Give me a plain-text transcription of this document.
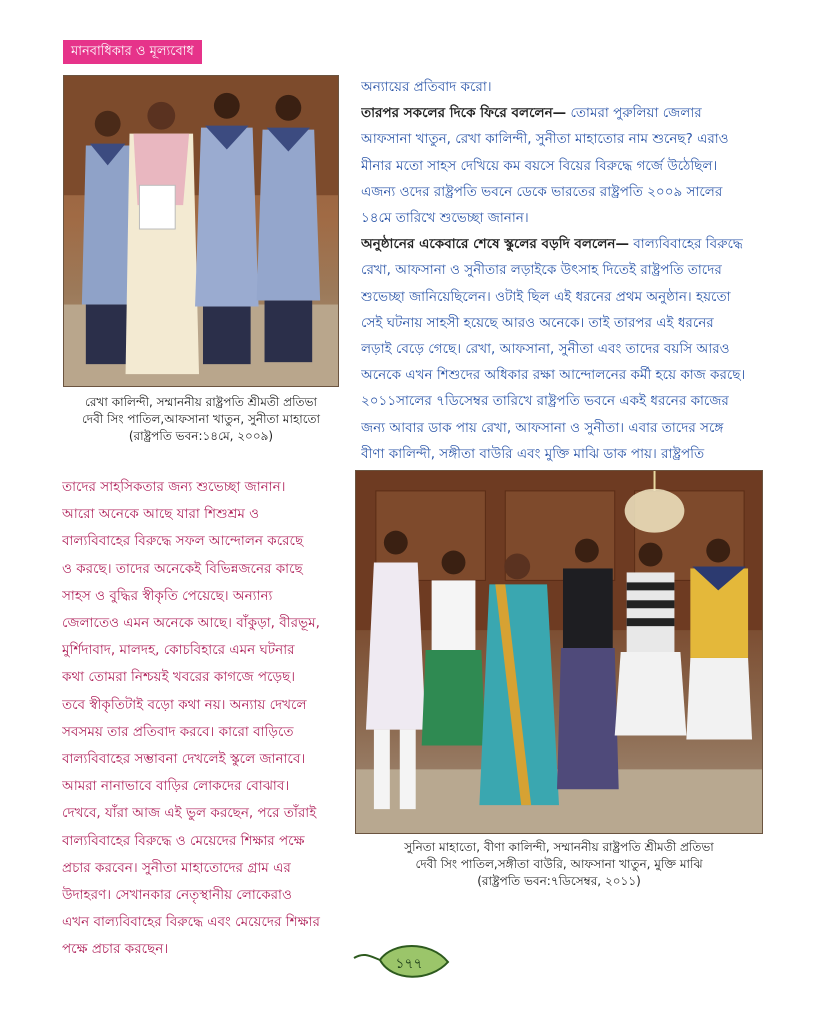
মানবাধিকার ও মূল্যবোধ
রেখা কালিন্দী, সম্মাননীয় রাষ্ট্রপতি শ্রীমতী প্রতিভা
দেবী সিং পাতিল,আফসানা খাতুন, সুনীতা মাহাতো
(রাষ্ট্রপতি ভবন:১৪মে, ২০০৯)
অন্যায়ের প্রতিবাদ করো।
তারপর সকলের দিকে ফিরে বললেন— তোমরা পুরুলিয়া জেলার
আফসানা খাতুন, রেখা কালিন্দী, সুনীতা মাহাতোর নাম শুনেছ? এরাও
মীনার মতো সাহস দেখিয়ে কম বয়সে বিয়ের বিরুদ্ধে গর্জে উঠেছিল।
এজন্য ওদের রাষ্ট্রপতি ভবনে ডেকে ভারতের রাষ্ট্রপতি ২০০৯ সালের
১৪মে তারিখে শুভেচ্ছা জানান।
অনুষ্ঠানের একেবারে শেষে স্কুলের বড়দি বললেন— বাল্যবিবাহের বিরুদ্ধে
রেখা, আফসানা ও সুনীতার লড়াইকে উৎসাহ দিতেই রাষ্ট্রপতি তাদের
শুভেচ্ছা জানিয়েছিলেন। ওটাই ছিল এই ধরনের প্রথম অনুষ্ঠান। হয়তো
সেই ঘটনায় সাহসী হয়েছে আরও অনেকে। তাই তারপর এই ধরনের
লড়াই বেড়ে গেছে। রেখা, আফসানা, সুনীতা এবং তাদের বয়সি আরও
অনেকে এখন শিশুদের অধিকার রক্ষা আন্দোলনের কর্মী হয়ে কাজ করছে।
২০১১সালের ৭ডিসেম্বর তারিখে রাষ্ট্রপতি ভবনে একই ধরনের কাজের
জন্য আবার ডাক পায় রেখা, আফসানা ও সুনীতা। এবার তাদের সঙ্গে
বীণা কালিন্দী, সঙ্গীতা বাউরি এবং মুক্তি মাঝি ডাক পায়। রাষ্ট্রপতি
তাদের সাহসিকতার জন্য শুভেচ্ছা জানান।
আরো অনেকে আছে যারা শিশুশ্রম ও
বাল্যবিবাহের বিরুদ্ধে সফল আন্দোলন করেছে
ও করছে। তাদের অনেকেই বিভিন্নজনের কাছে
সাহস ও বুদ্ধির স্বীকৃতি পেয়েছে। অন্যান্য
জেলাতেও এমন অনেকে আছে। বাঁকুড়া, বীরভূম,
মুর্শিদাবাদ, মালদহ, কোচবিহারে এমন ঘটনার
কথা তোমরা নিশ্চয়ই খবরের কাগজে পড়েছ।
তবে স্বীকৃতিটাই বড়ো কথা নয়। অন্যায় দেখলে
সবসময় তার প্রতিবাদ করবে। কারো বাড়িতে
বাল্যবিবাহের সম্ভাবনা দেখলেই স্কুলে জানাবে।
আমরা নানাভাবে বাড়ির লোকদের বোঝাব।
দেখবে, যাঁরা আজ এই ভুল করছেন, পরে তাঁরাই
বাল্যবিবাহের বিরুদ্ধে ও মেয়েদের শিক্ষার পক্ষে
প্রচার করবেন। সুনীতা মাহাতোদের গ্রাম এর
উদাহরণ। সেখানকার নেতৃস্থানীয় লোকেরাও
এখন বাল্যবিবাহের বিরুদ্ধে এবং মেয়েদের শিক্ষার
পক্ষে প্রচার করছেন।
সুনিতা মাহাতো, বীণা কালিন্দী, সম্মাননীয় রাষ্ট্রপতি শ্রীমতী প্রতিভা
দেবী সিং পাতিল,সঙ্গীতা বাউরি, আফসানা খাতুন, মুক্তি মাঝি
(রাষ্ট্রপতি ভবন:৭ডিসেম্বর, ২০১১)
১৭৭
